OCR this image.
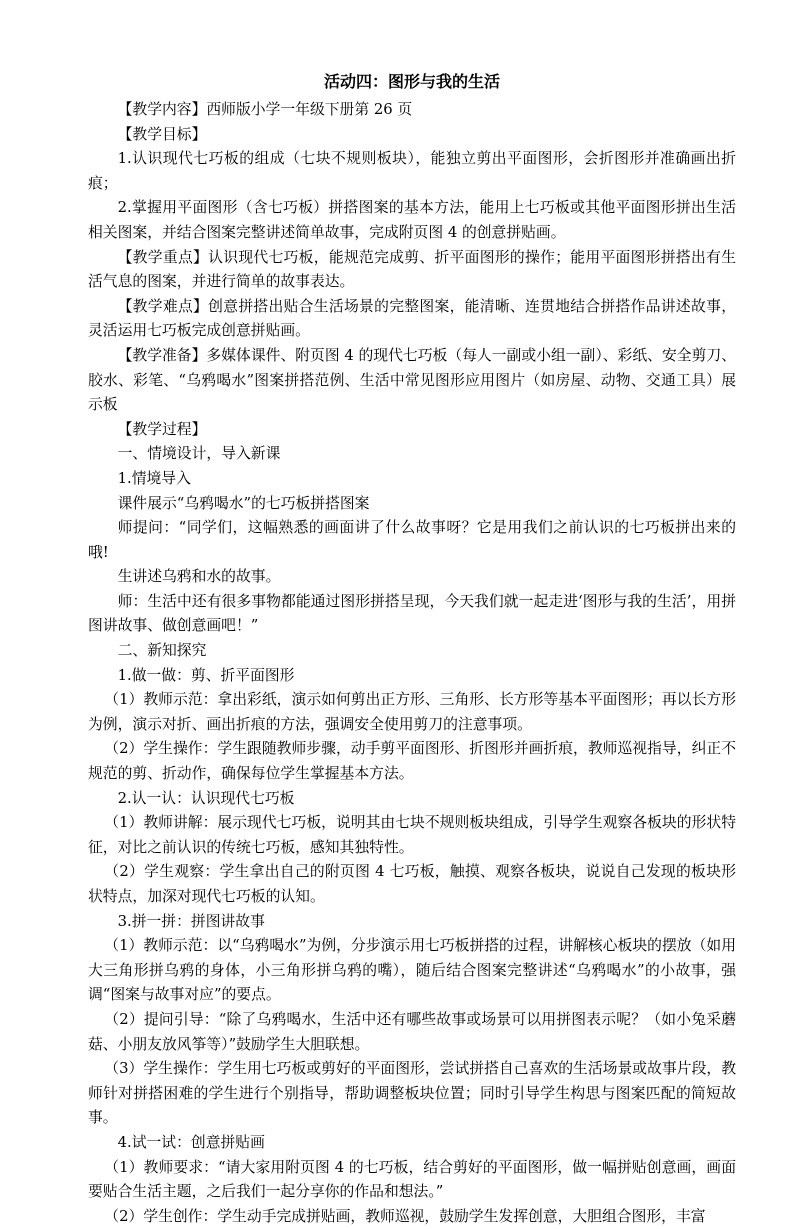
活动四：图形与我的生活

【教学内容】西师版小学一年级下册第 26 页

【教学目标】

1.认识现代七巧板的组成（七块不规则板块），能独立剪出平面图形，会折图形并准确画出折痕；

2.掌握用平面图形（含七巧板）拼搭图案的基本方法，能用上七巧板或其他平面图形拼出生活相关图案，并结合图案完整讲述简单故事，完成附页图 4 的创意拼贴画。

【教学重点】认识现代七巧板，能规范完成剪、折平面图形的操作；能用平面图形拼搭出有生活气息的图案，并进行简单的故事表达。

【教学难点】创意拼搭出贴合生活场景的完整图案，能清晰、连贯地结合拼搭作品讲述故事，灵活运用七巧板完成创意拼贴画。

【教学准备】多媒体课件、附页图 4 的现代七巧板（每人一副或小组一副）、彩纸、安全剪刀、胶水、彩笔、“乌鸦喝水”图案拼搭范例、生活中常见图形应用图片（如房屋、动物、交通工具）展示板

【教学过程】

一、情境设计，导入新课

1.情境导入

课件展示“乌鸦喝水”的七巧板拼搭图案

师提问：“同学们，这幅熟悉的画面讲了什么故事呀？它是用我们之前认识的七巧板拼出来的哦!

生讲述乌鸦和水的故事。

师：生活中还有很多事物都能通过图形拼搭呈现，今天我们就一起走进‘图形与我的生活’，用拼图讲故事、做创意画吧！”

二、新知探究

1.做一做：剪、折平面图形

（1）教师示范：拿出彩纸，演示如何剪出正方形、三角形、长方形等基本平面图形；再以长方形为例，演示对折、画出折痕的方法，强调安全使用剪刀的注意事项。

（2）学生操作：学生跟随教师步骤，动手剪平面图形、折图形并画折痕，教师巡视指导，纠正不规范的剪、折动作，确保每位学生掌握基本方法。

2.认一认：认识现代七巧板

（1）教师讲解：展示现代七巧板，说明其由七块不规则板块组成，引导学生观察各板块的形状特征，对比之前认识的传统七巧板，感知其独特性。

（2）学生观察：学生拿出自己的附页图 4 七巧板，触摸、观察各板块，说说自己发现的板块形状特点，加深对现代七巧板的认知。

3.拼一拼：拼图讲故事

（1）教师示范：以“乌鸦喝水”为例，分步演示用七巧板拼搭的过程，讲解核心板块的摆放（如用大三角形拼乌鸦的身体，小三角形拼乌鸦的嘴），随后结合图案完整讲述“乌鸦喝水”的小故事，强调“图案与故事对应”的要点。

（2）提问引导：“除了乌鸦喝水，生活中还有哪些故事或场景可以用拼图表示呢？（如小兔采蘑菇、小朋友放风筝等）”鼓励学生大胆联想。

（3）学生操作：学生用七巧板或剪好的平面图形，尝试拼搭自己喜欢的生活场景或故事片段，教师针对拼搭困难的学生进行个别指导，帮助调整板块位置；同时引导学生构思与图案匹配的简短故事。

4.试一试：创意拼贴画

（1）教师要求：“请大家用附页图 4 的七巧板，结合剪好的平面图形，做一幅拼贴创意画，画面要贴合生活主题，之后我们一起分享你的作品和想法。”

（2）学生创作：学生动手完成拼贴画，教师巡视，鼓励学生发挥创意，大胆组合图形，丰富
